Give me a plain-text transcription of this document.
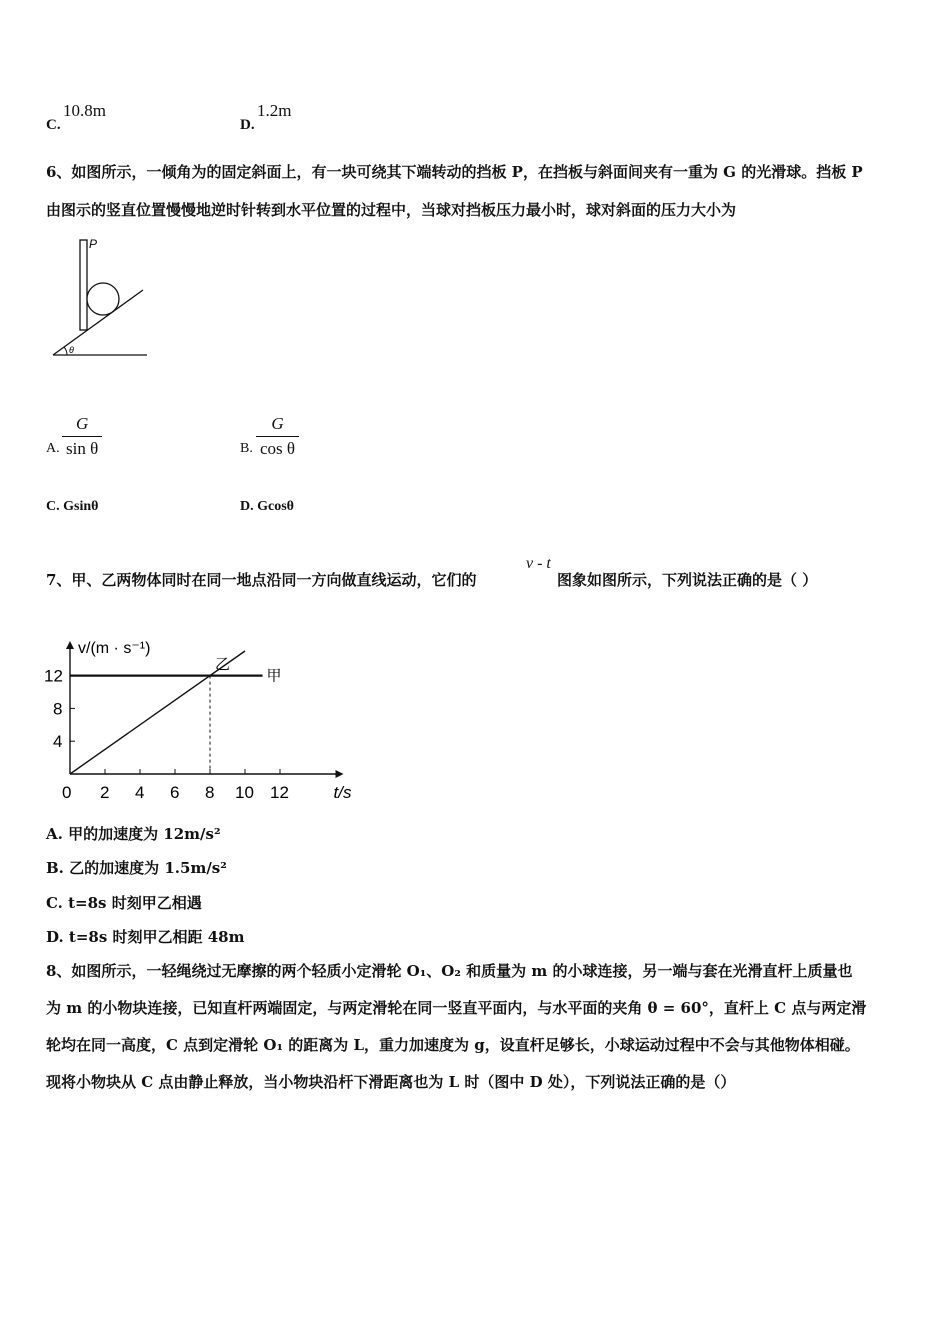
C.
10.8m
D.
1.2m
6、如图所示，一倾角为的固定斜面上，有一块可绕其下端转动的挡板 P，在挡板与斜面间夹有一重为 G 的光滑球。挡板 P
由图示的竖直位置慢慢地逆时针转到水平位置的过程中，当球对挡板压力最小时，球对斜面的压力大小为
P
θ
A. $\frac{G}{\text{sin θ}}$	B. $\frac{G}{\text{cos θ}}$
C. Gsinθ	D. Gcosθ
7、甲、乙两物体同时在同一地点沿同一方向做直线运动，它们的
v - t
图象如图所示，下列说法正确的是（ ）
0 2 4 6 8 10 12
4
8
12
v/(m · s⁻¹)
t/s
甲
乙
A. 甲的加速度为 12m/s²
B. 乙的加速度为 1.5m/s²
C. t=8s 时刻甲乙相遇
D. t=8s 时刻甲乙相距 48m
8、如图所示，一轻绳绕过无摩擦的两个轻质小定滑轮 O₁、O₂ 和质量为 m 的小球连接，另一端与套在光滑直杆上质量也
为 m 的小物块连接，已知直杆两端固定，与两定滑轮在同一竖直平面内，与水平面的夹角 θ = 60°，直杆上 C 点与两定滑
轮均在同一高度，C 点到定滑轮 O₁ 的距离为 L，重力加速度为 g，设直杆足够长，小球运动过程中不会与其他物体相碰。
现将小物块从 C 点由静止释放，当小物块沿杆下滑距离也为 L 时（图中 D 处），下列说法正确的是（）
